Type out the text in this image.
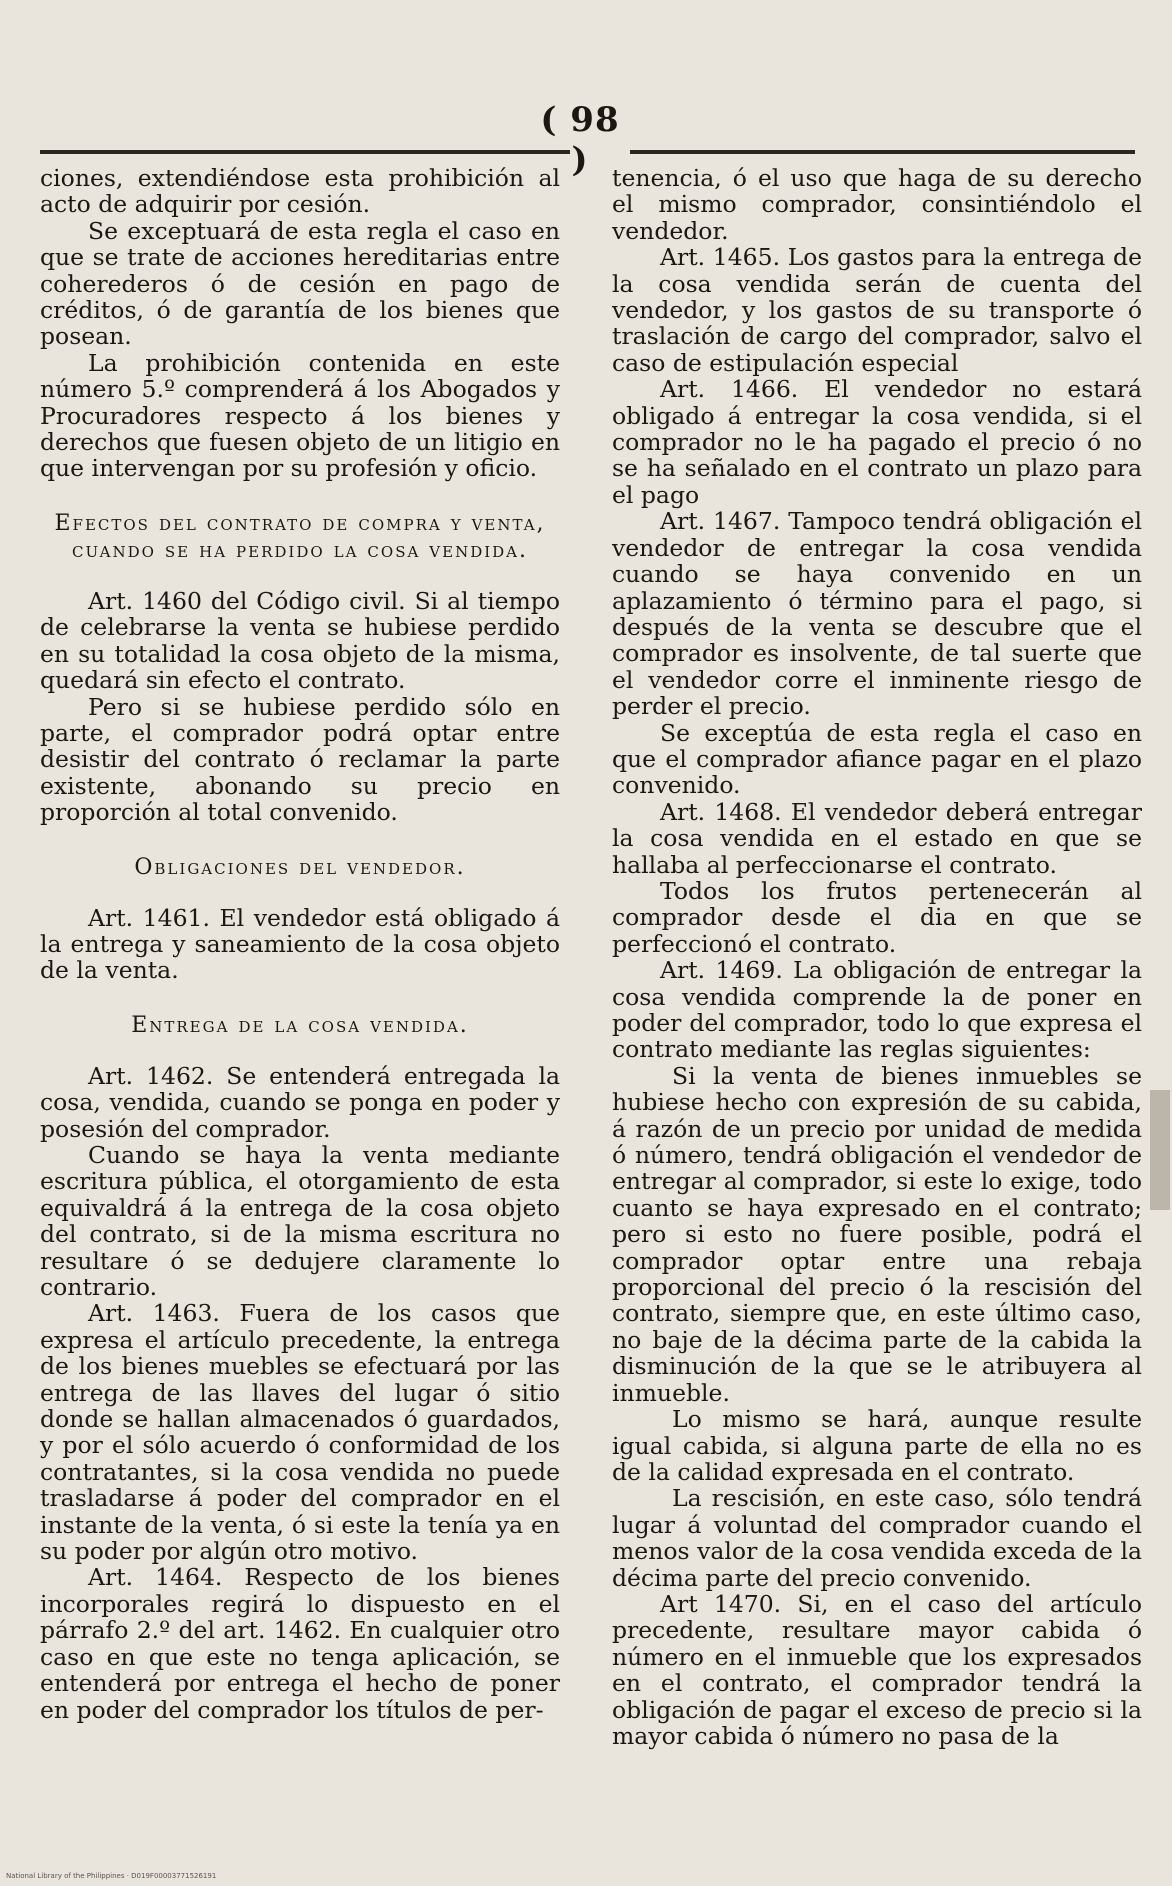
( 98 )

ciones, extendiéndose esta prohibición al acto de adquirir por cesión.

Se exceptuará de esta regla el caso en que se trate de acciones hereditarias entre coherederos ó de cesión en pago de créditos, ó de garantía de los bienes que posean.

La prohibición contenida en este número 5.º comprenderá á los Abogados y Procuradores respecto á los bienes y derechos que fuesen objeto de un litigio en que intervengan por su profesión y oficio.

Efectos del contrato de compra y venta, cuando se ha perdido la cosa vendida.

Art. 1460 del Código civil. Si al tiempo de celebrarse la venta se hubiese perdido en su totalidad la cosa objeto de la misma, quedará sin efecto el contrato.

Pero si se hubiese perdido sólo en parte, el comprador podrá optar entre desistir del contrato ó reclamar la parte existente, abonando su precio en proporción al total convenido.

Obligaciones del vendedor.

Art. 1461. El vendedor está obligado á la entrega y saneamiento de la cosa objeto de la venta.

Entrega de la cosa vendida.

Art. 1462. Se entenderá entregada la cosa, vendida, cuando se ponga en poder y posesión del comprador.

Cuando se haya la venta mediante escritura pública, el otorgamiento de esta equivaldrá á la entrega de la cosa objeto del contrato, si de la misma escritura no resultare ó se dedujere claramente lo contrario.

Art. 1463. Fuera de los casos que expresa el artículo precedente, la entrega de los bienes muebles se efectuará por las entrega de las llaves del lugar ó sitio donde se hallan almacenados ó guardados, y por el sólo acuerdo ó conformidad de los contratantes, si la cosa vendida no puede trasladarse á poder del comprador en el instante de la venta, ó si este la tenía ya en su poder por algún otro motivo.

Art. 1464. Respecto de los bienes incorporales regirá lo dispuesto en el párrafo 2.º del art. 1462. En cualquier otro caso en que este no tenga aplicación, se entenderá por entrega el hecho de poner en poder del comprador los títulos de per-

tenencia, ó el uso que haga de su derecho el mismo comprador, consintiéndolo el vendedor.

Art. 1465. Los gastos para la entrega de la cosa vendida serán de cuenta del vendedor, y los gastos de su transporte ó traslación de cargo del comprador, salvo el caso de estipulación especial

Art. 1466. El vendedor no estará obligado á entregar la cosa vendida, si el comprador no le ha pagado el precio ó no se ha señalado en el contrato un plazo para el pago

Art. 1467. Tampoco tendrá obligación el vendedor de entregar la cosa vendida cuando se haya convenido en un aplazamiento ó término para el pago, si después de la venta se descubre que el comprador es insolvente, de tal suerte que el vendedor corre el inminente riesgo de perder el precio.

Se exceptúa de esta regla el caso en que el comprador afiance pagar en el plazo convenido.

Art. 1468. El vendedor deberá entregar la cosa vendida en el estado en que se hallaba al perfeccionarse el contrato.

Todos los frutos pertenecerán al comprador desde el dia en que se perfeccionó el contrato.

Art. 1469. La obligación de entregar la cosa vendida comprende la de poner en poder del comprador, todo lo que expresa el contrato mediante las reglas siguientes:

Si la venta de bienes inmuebles se hubiese hecho con expresión de su cabida, á razón de un precio por unidad de medida ó número, tendrá obligación el vendedor de entregar al comprador, si este lo exige, todo cuanto se haya expresado en el contrato; pero si esto no fuere posible, podrá el comprador optar entre una rebaja proporcional del precio ó la rescisión del contrato, siempre que, en este último caso, no baje de la décima parte de la cabida la disminución de la que se le atribuyera al inmueble.

Lo mismo se hará, aunque resulte igual cabida, si alguna parte de ella no es de la calidad expresada en el contrato.

La rescisión, en este caso, sólo tendrá lugar á voluntad del comprador cuando el menos valor de la cosa vendida exceda de la décima parte del precio convenido.

Art 1470. Si, en el caso del artículo precedente, resultare mayor cabida ó número en el inmueble que los expresados en el contrato, el comprador tendrá la obligación de pagar el exceso de precio si la mayor cabida ó número no pasa de la

National Library of the Philippines · D019F00003771526191
